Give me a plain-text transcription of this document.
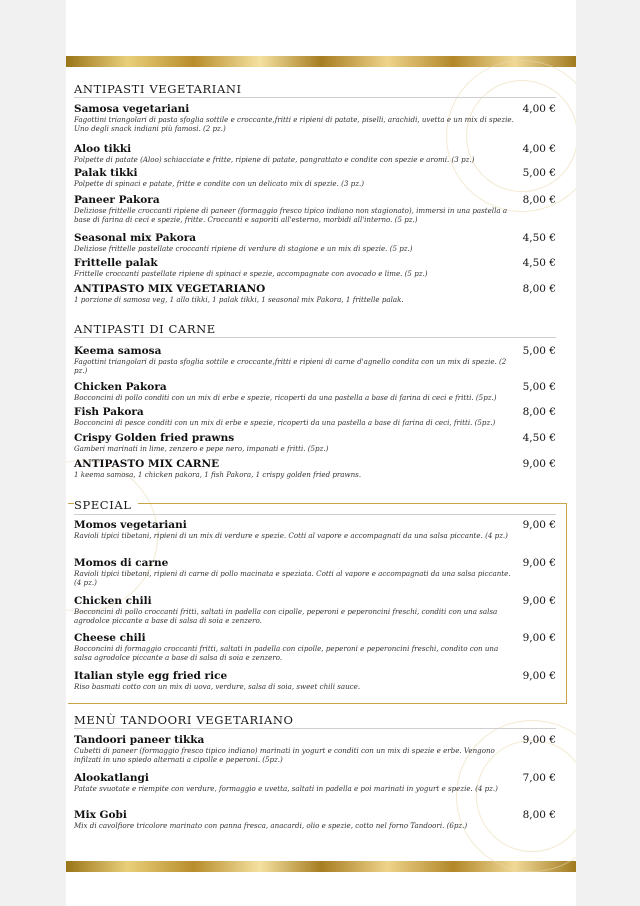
ANTIPASTI VEGETARIANI
Samosa vegetariani
Fagottini triangolari di pasta sfoglia sottile e croccante,fritti e ripieni di patate, piselli, arachidi, uvetta e un mix di spezie. Uno degli snack indiani più famosi. (2 pz.)
4,00 €
Aloo tikki
Polpette di patate (Aloo) schiacciate e fritte, ripiene di patate, pangrattato e condite con spezie e aromi. (3 pz.)
4,00 €
Palak tikki
Polpette di spinaci e patate, fritte e condite con un delicato mix di spezie. (3 pz.)
5,00 €
Paneer Pakora
Deliziose frittelle croccanti ripiene di paneer (formaggio fresco tipico indiano non stagionato), immersi in una pastella a base di farina di ceci e spezie, fritte. Croccanti e saporiti all'esterno, morbidi all'interno. (5 pz.)
8,00 €
Seasonal mix Pakora
Deliziose frittelle pastellate croccanti ripiene di verdure di stagione e un mix di spezie. (5 pz.)
4,50 €
Frittelle palak
Frittelle croccanti pastellate ripiene di spinaci e spezie, accompagnate con avocado e lime. (5 pz.)
4,50 €
ANTIPASTO MIX VEGETARIANO
1 porzione di samosa veg, 1 allo tikki, 1 palak tikki, 1 seasonal mix Pakora, 1 frittelle palak.
8,00 €
ANTIPASTI DI CARNE
Keema samosa
Fagottini triangolari di pasta sfoglia sottile e croccante,fritti e ripieni di carne d'agnello condita con un mix di spezie. (2 pz.)
5,00 €
Chicken Pakora
Bocconcini di pollo conditi con un mix di erbe e spezie, ricoperti da una pastella a base di farina di ceci e fritti. (5pz.)
5,00 €
Fish Pakora
Bocconcini di pesce conditi con un mix di erbe e spezie, ricoperti da una pastella a base di farina di ceci, fritti. (5pz.)
8,00 €
Crispy Golden fried prawns
Gamberi marinati in lime, zenzero e pepe nero, impanati e fritti. (5pz.)
4,50 €
ANTIPASTO MIX CARNE
1 keema samosa, 1 chicken pakora, 1 fish Pakora, 1 crispy golden fried prawns.
9,00 €
SPECIAL
Momos vegetariani
Ravioli tipici tibetani, ripieni di un mix di verdure e spezie. Cotti al vapore e accompagnati da una salsa piccante. (4 pz.)
9,00 €
Momos di carne
Ravioli tipici tibetani, ripieni di carne di pollo macinata e speziata. Cotti al vapore e accompagnati da una salsa piccante. (4 pz.)
9,00 €
Chicken chili
Bocconcini di pollo croccanti fritti, saltati in padella con cipolle, peperoni e peperoncini freschi, conditi con una salsa agrodolce piccante a base di salsa di soia e zenzero.
9,00 €
Cheese chili
Bocconcini di formaggio croccanti fritti, saltati in padella con cipolle, peperoni e peperoncini freschi, condito con una salsa agrodolce piccante a base di salsa di soia e zenzero.
9,00 €
Italian style egg fried rice
Riso basmati cotto con un mix di uova, verdure, salsa di soia, sweet chili sauce.
9,00 €
MENÙ TANDOORI VEGETARIANO
Tandoori paneer tikka
Cubetti di paneer (formaggio fresco tipico indiano) marinati in yogurt e conditi con un mix di spezie e erbe. Vengono infilzati in uno spiedo alternati a cipolle e peperoni. (5pz.)
9,00 €
Alookatlangi
Patate svuotate e riempite con verdure, formaggio e uvetta, saltati in padella e poi marinati in yogurt e spezie. (4 pz.)
7,00 €
Mix Gobi
Mix di cavolfiore tricolore marinato con panna fresca, anacardi, olio e spezie, cotto nel forno Tandoori. (6pz.)
8,00 €
